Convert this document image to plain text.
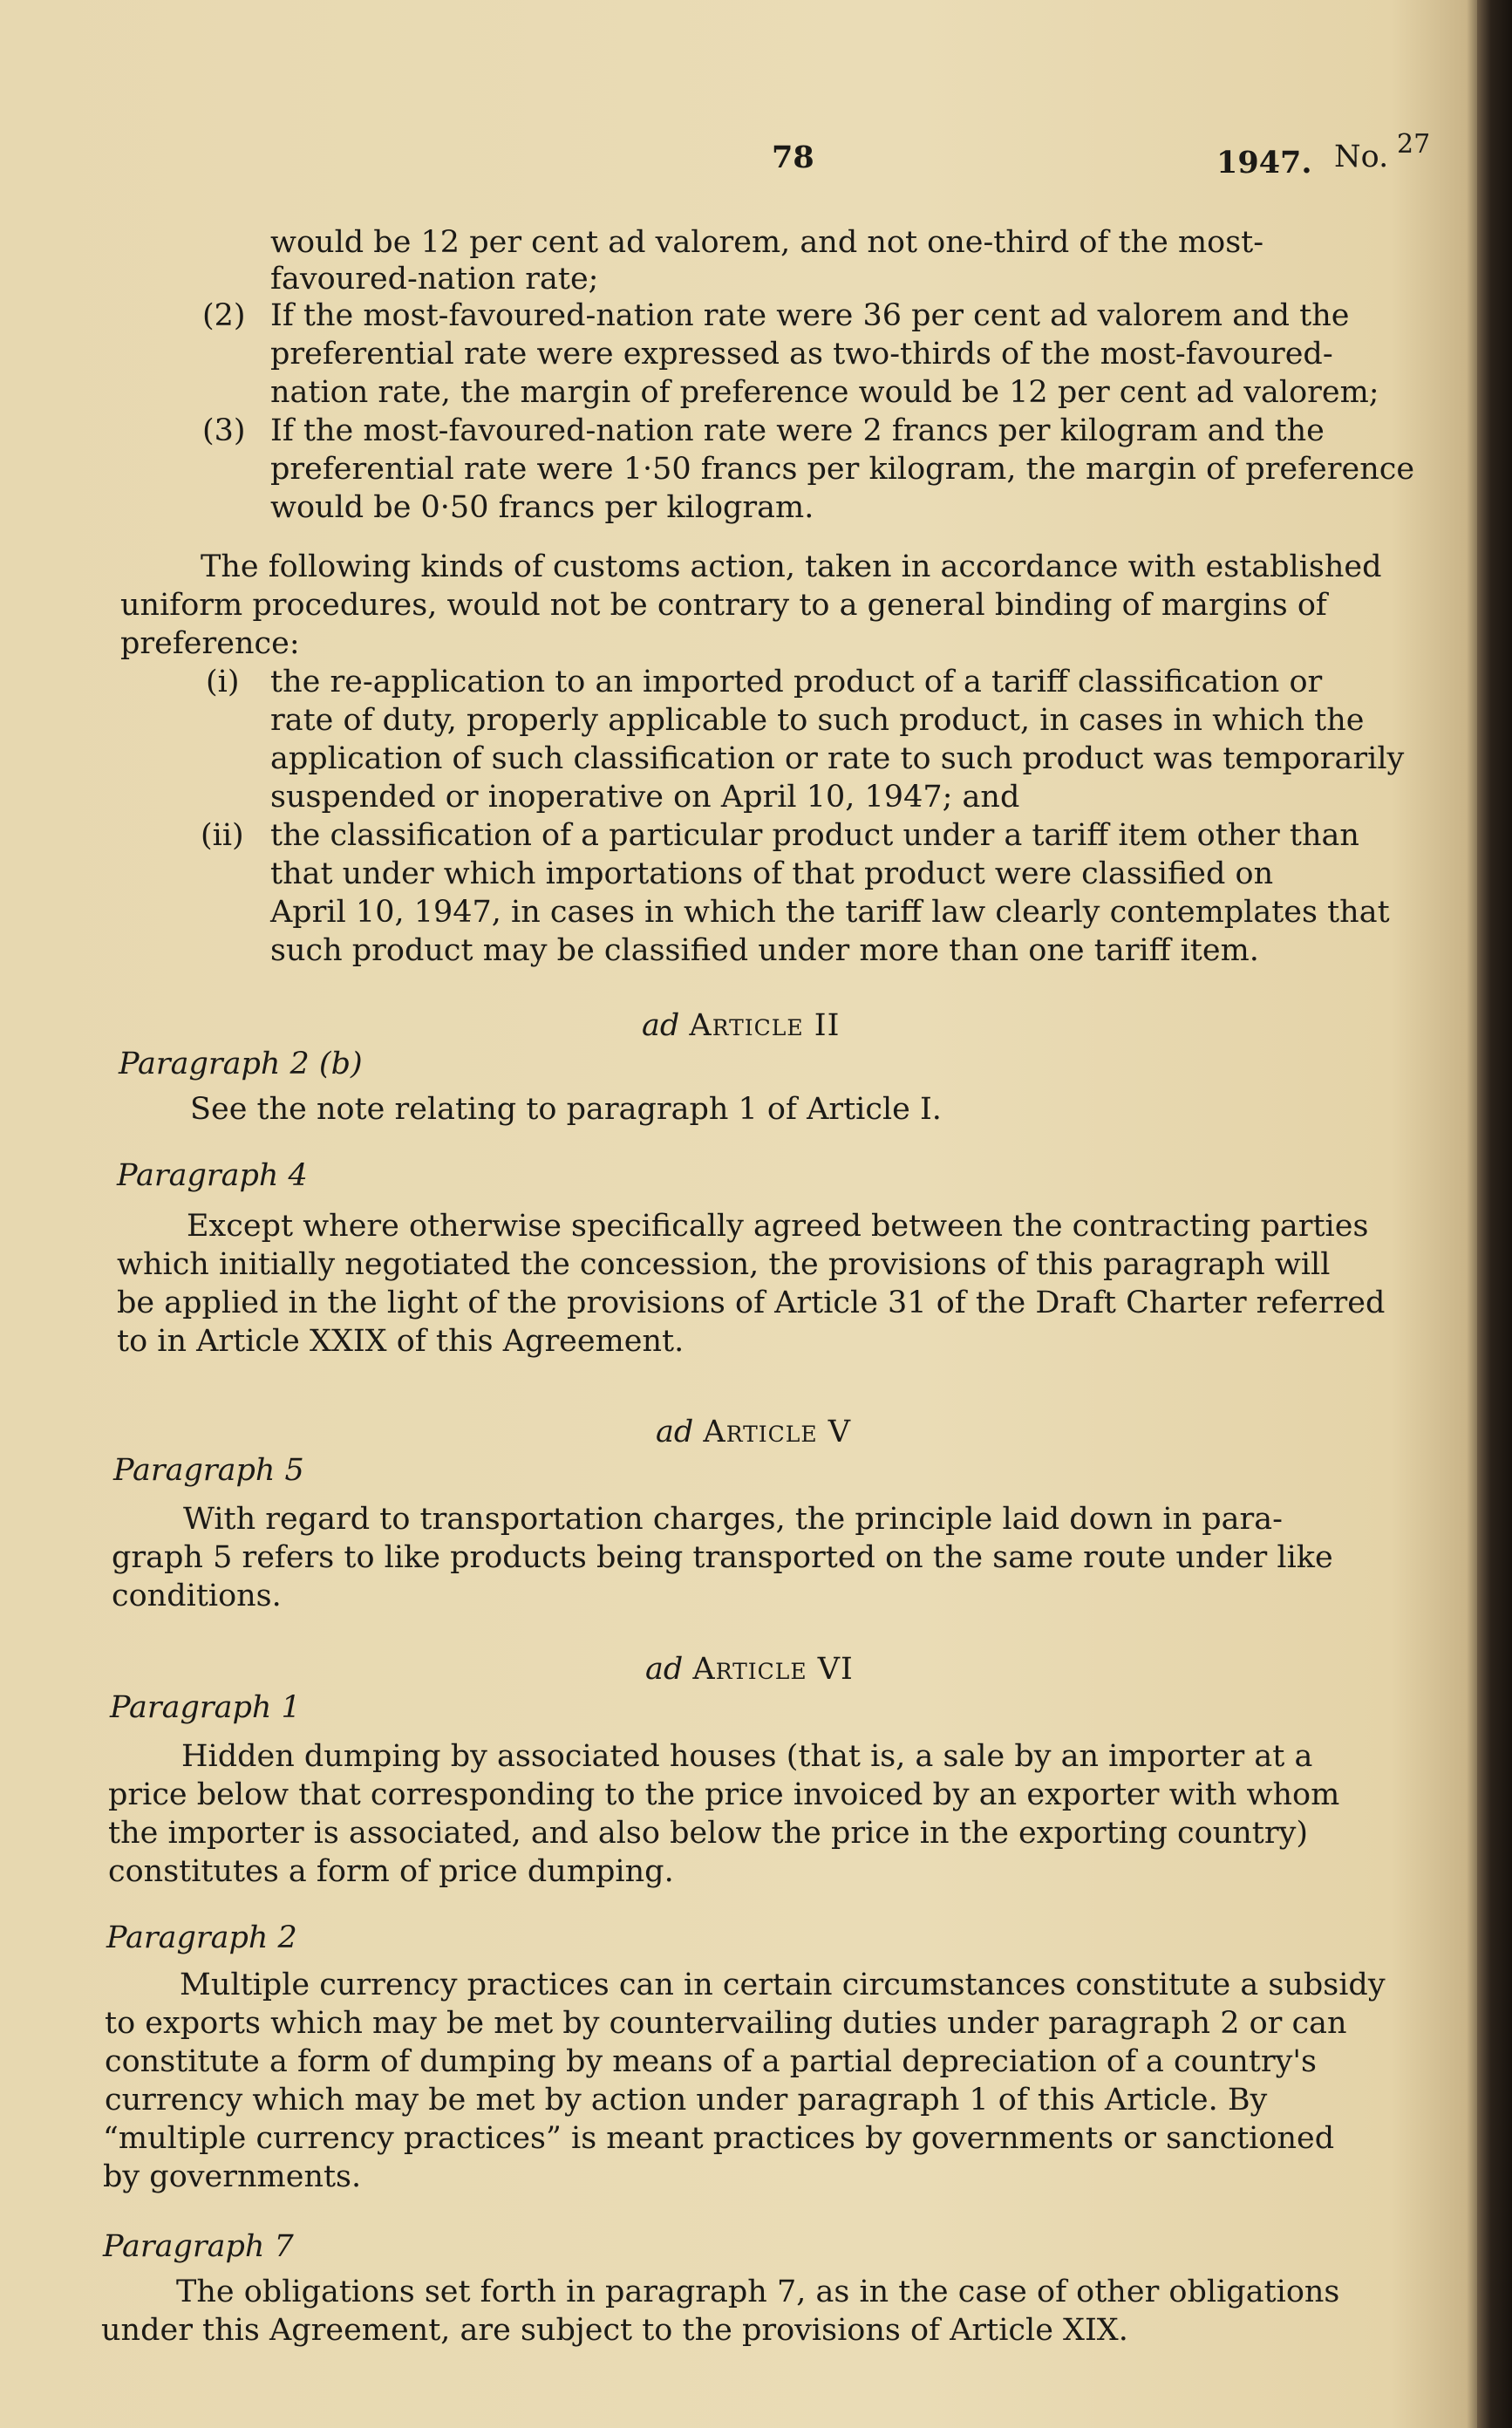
78	1947. No. 27
would be 12 per cent ad valorem, and not one-third of the most-
favoured-nation rate;
(2) If the most-favoured-nation rate were 36 per cent ad valorem and the
preferential rate were expressed as two-thirds of the most-favoured-
nation rate, the margin of preference would be 12 per cent ad valorem;
(3) If the most-favoured-nation rate were 2 francs per kilogram and the
preferential rate were 1·50 francs per kilogram, the margin of preference
would be 0·50 francs per kilogram.
The following kinds of customs action, taken in accordance with established
uniform procedures, would not be contrary to a general binding of margins of
preference:
(i) the re-application to an imported product of a tariff classification or
rate of duty, properly applicable to such product, in cases in which the
application of such classification or rate to such product was temporarily
suspended or inoperative on April 10, 1947; and
(ii) the classification of a particular product under a tariff item other than
that under which importations of that product were classified on
April 10, 1947, in cases in which the tariff law clearly contemplates that
such product may be classified under more than one tariff item.
ad Article II
Paragraph 2 (b)
See the note relating to paragraph 1 of Article I.
Paragraph 4
Except where otherwise specifically agreed between the contracting parties
which initially negotiated the concession, the provisions of this paragraph will
be applied in the light of the provisions of Article 31 of the Draft Charter referred
to in Article XXIX of this Agreement.
ad Article V
Paragraph 5
With regard to transportation charges, the principle laid down in para-
graph 5 refers to like products being transported on the same route under like
conditions.
ad Article VI
Paragraph 1
Hidden dumping by associated houses (that is, a sale by an importer at a
price below that corresponding to the price invoiced by an exporter with whom
the importer is associated, and also below the price in the exporting country)
constitutes a form of price dumping.
Paragraph 2
Multiple currency practices can in certain circumstances constitute a subsidy
to exports which may be met by countervailing duties under paragraph 2 or can
constitute a form of dumping by means of a partial depreciation of a country's
currency which may be met by action under paragraph 1 of this Article. By
“multiple currency practices” is meant practices by governments or sanctioned
by governments.
Paragraph 7
The obligations set forth in paragraph 7, as in the case of other obligations
under this Agreement, are subject to the provisions of Article XIX.
